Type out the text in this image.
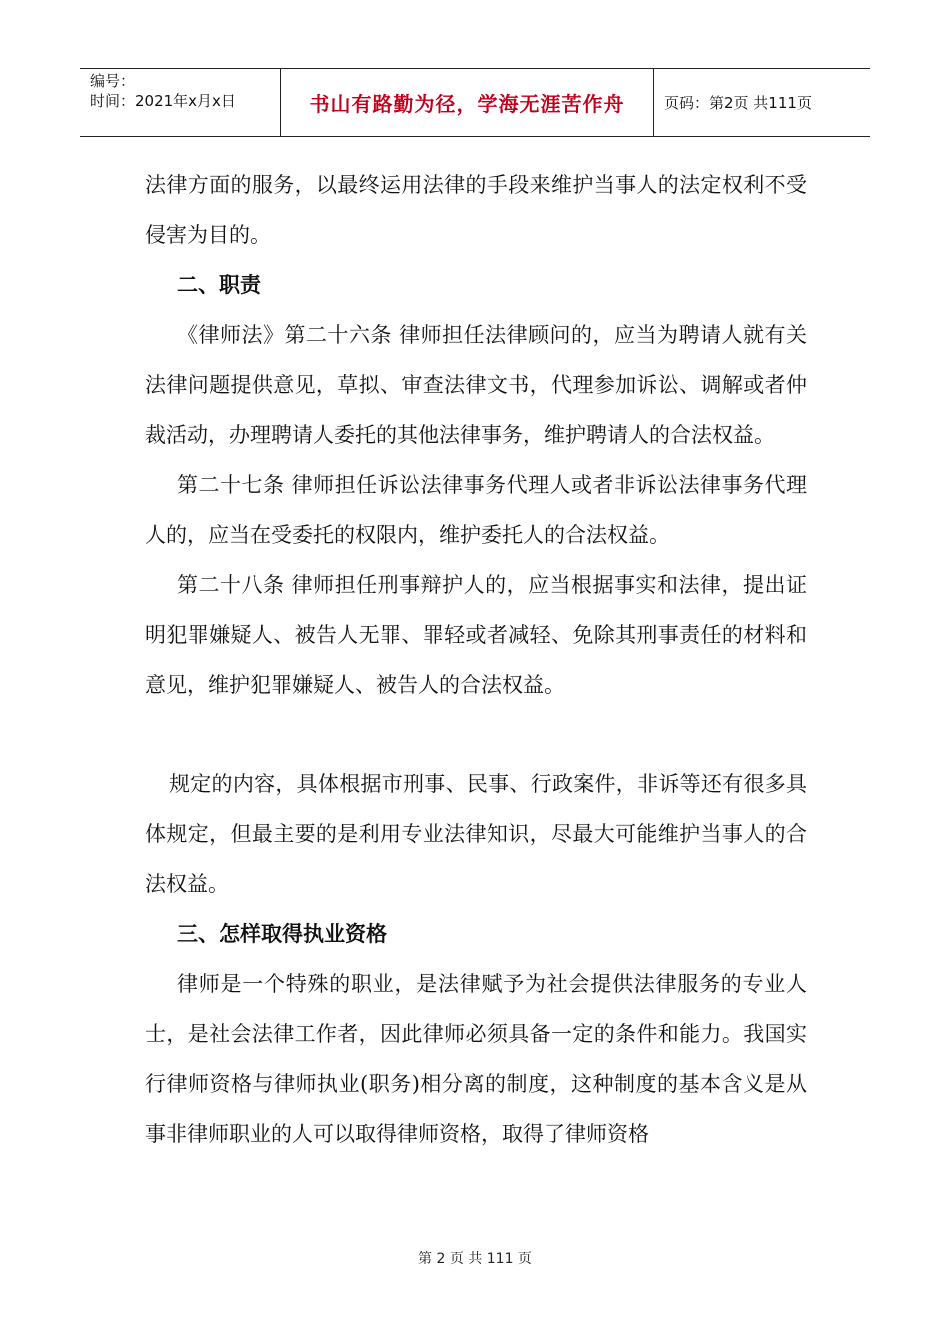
编号：
时间：2021年x月x日	书山有路勤为径，学海无涯苦作舟	页码：第2页 共111页

法律方面的服务，以最终运用法律的手段来维护当事人的法定权利不受侵害为目的。

二、职责

《律师法》第二十六条 律师担任法律顾问的，应当为聘请人就有关法律问题提供意见，草拟、审查法律文书，代理参加诉讼、调解或者仲裁活动，办理聘请人委托的其他法律事务，维护聘请人的合法权益。

第二十七条 律师担任诉讼法律事务代理人或者非诉讼法律事务代理人的，应当在受委托的权限内，维护委托人的合法权益。

第二十八条 律师担任刑事辩护人的，应当根据事实和法律，提出证明犯罪嫌疑人、被告人无罪、罪轻或者减轻、免除其刑事责任的材料和意见，维护犯罪嫌疑人、被告人的合法权益。

规定的内容，具体根据市刑事、民事、行政案件，非诉等还有很多具体规定，但最主要的是利用专业法律知识，尽最大可能维护当事人的合法权益。

三、怎样取得执业资格

律师是一个特殊的职业，是法律赋予为社会提供法律服务的专业人士，是社会法律工作者，因此律师必须具备一定的条件和能力。我国实行律师资格与律师执业(职务)相分离的制度，这种制度的基本含义是从事非律师职业的人可以取得律师资格，取得了律师资格

第 2 页 共 111 页
